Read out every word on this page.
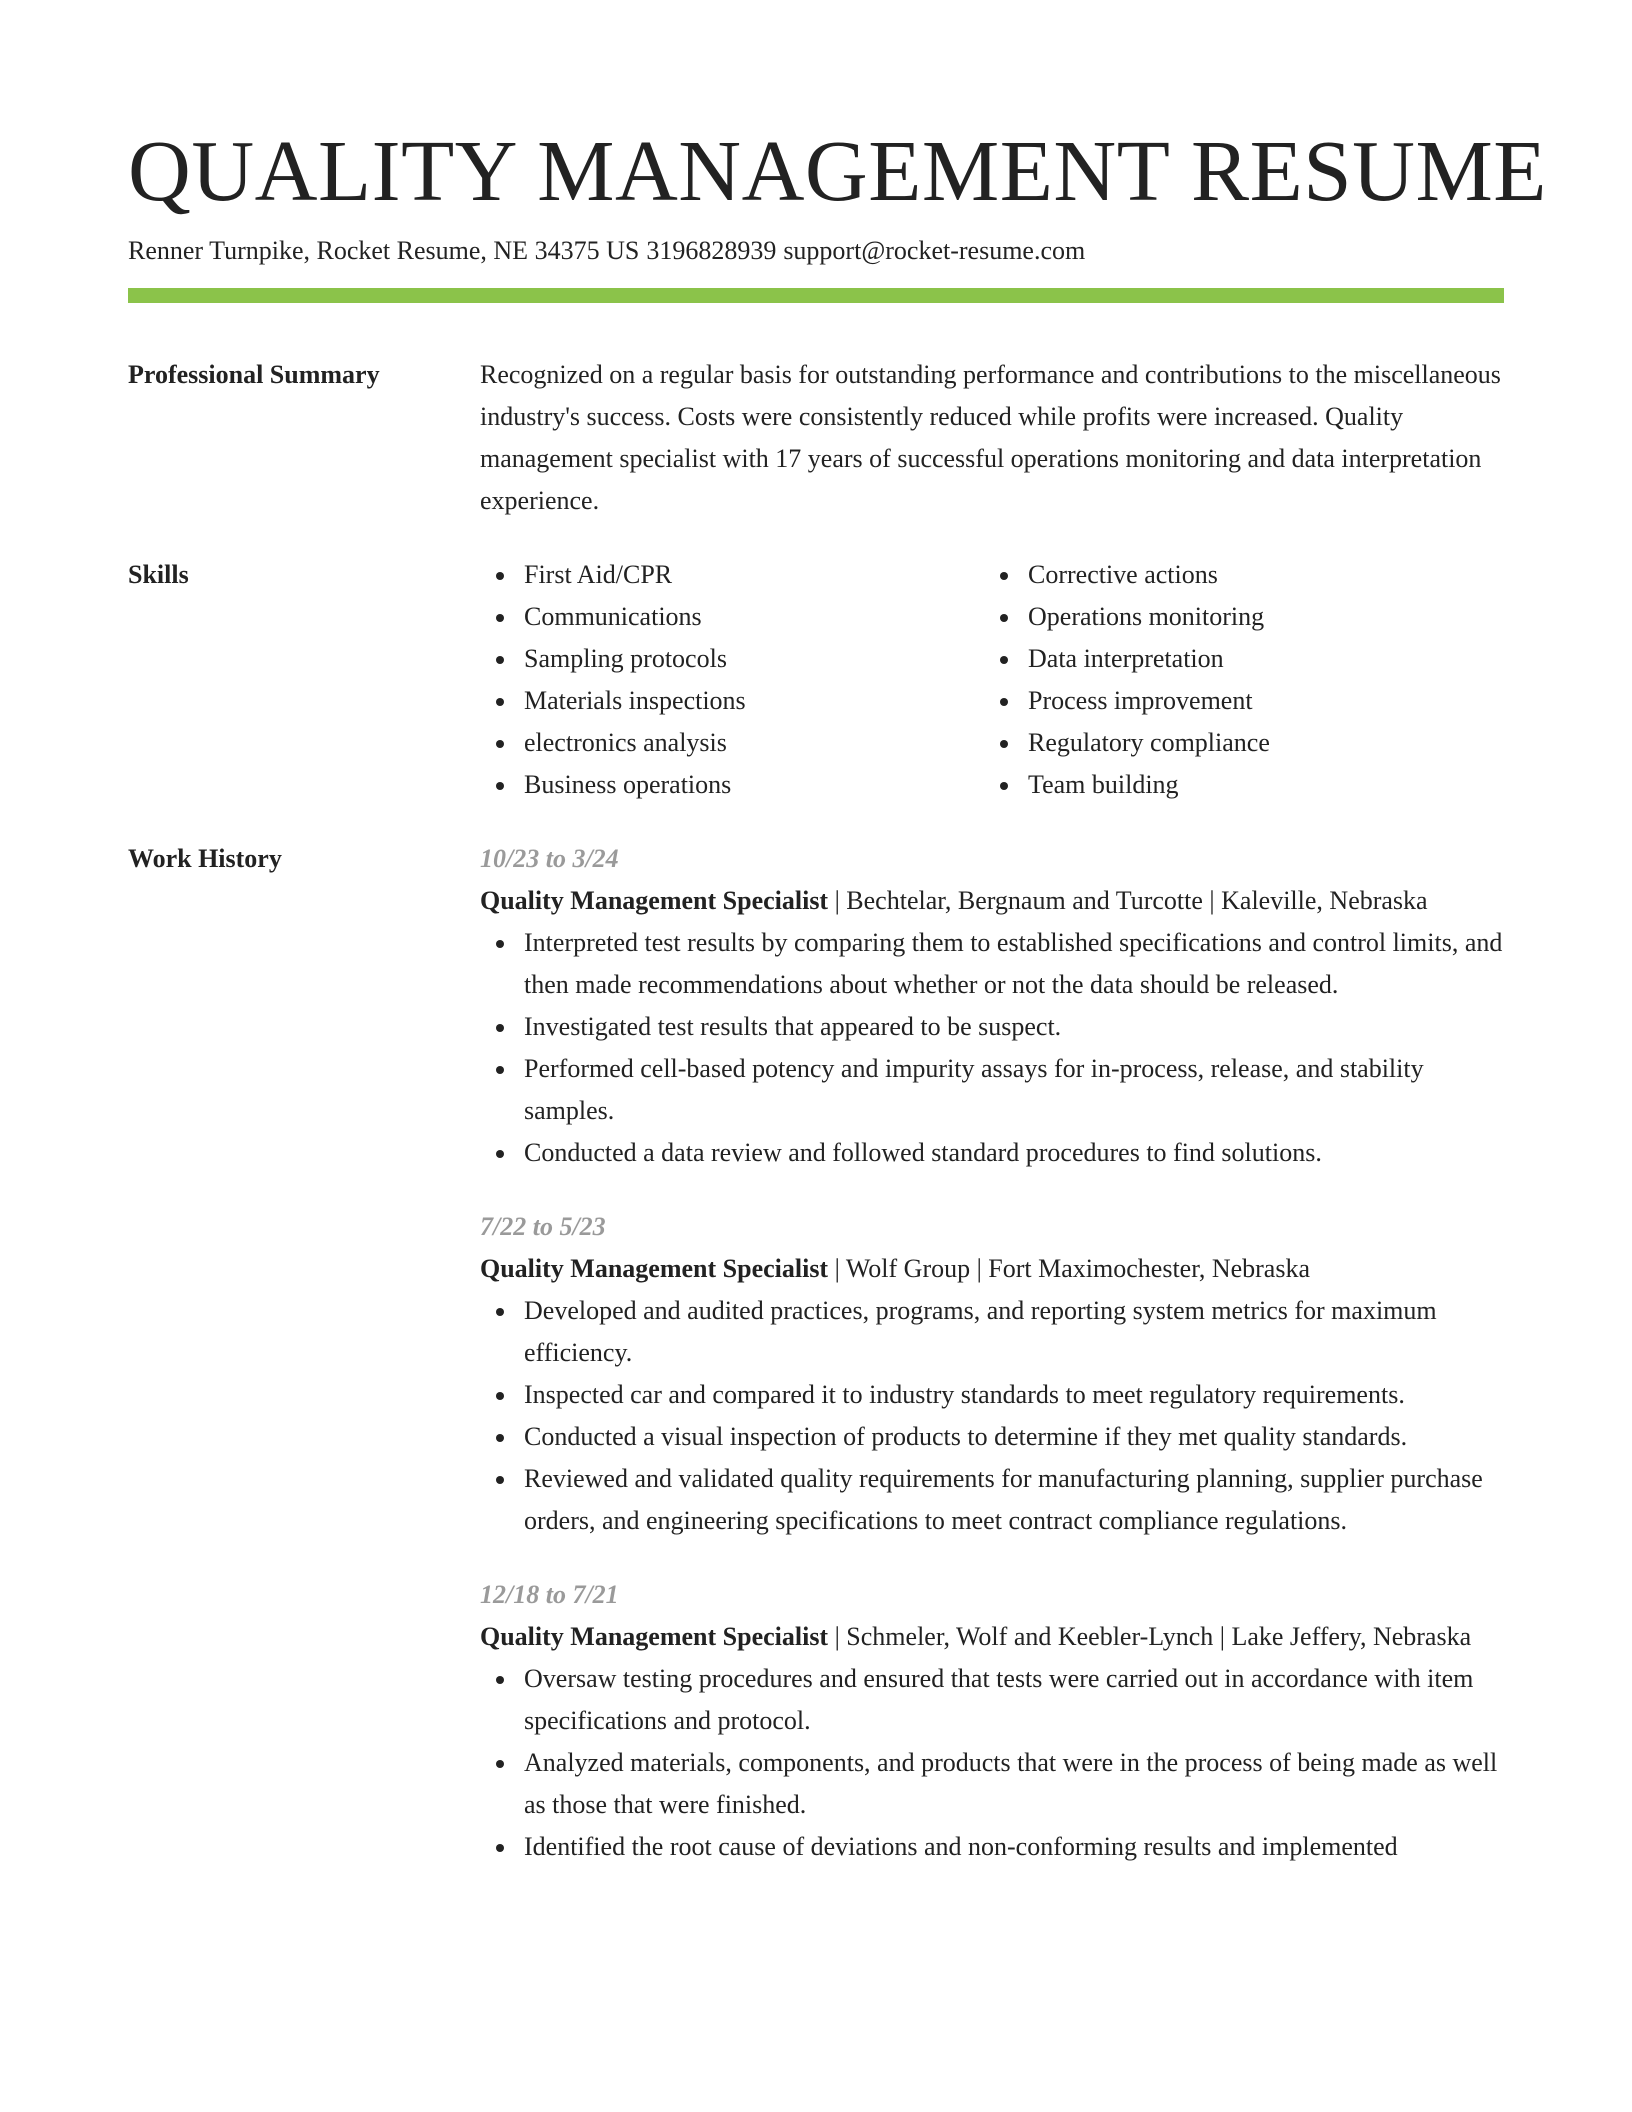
QUALITY MANAGEMENT RESUME
Renner Turnpike, Rocket Resume, NE 34375 US 3196828939 support@rocket-resume.com
Professional Summary	Recognized on a regular basis for outstanding performance and contributions to the miscellaneous industry's success. Costs were consistently reduced while profits were increased. Quality management specialist with 17 years of successful operations monitoring and data interpretation experience.

Skills	First Aid/CPR
Communications
Sampling protocols
Materials inspections
electronics analysis
Business operations
Corrective actions
Operations monitoring
Data interpretation
Process improvement
Regulatory compliance
Team building
Work History	10/23 to 3/24
Quality Management Specialist | Bechtelar, Bergnaum and Turcotte | Kaleville, Nebraska
Interpreted test results by comparing them to established specifications and control limits, and then made recommendations about whether or not the data should be released.
Investigated test results that appeared to be suspect.
Performed cell-based potency and impurity assays for in-process, release, and stability samples.
Conducted a data review and followed standard procedures to find solutions.
7/22 to 5/23
Quality Management Specialist | Wolf Group | Fort Maximochester, Nebraska
Developed and audited practices, programs, and reporting system metrics for maximum efficiency.
Inspected car and compared it to industry standards to meet regulatory requirements.
Conducted a visual inspection of products to determine if they met quality standards.
Reviewed and validated quality requirements for manufacturing planning, supplier purchase orders, and engineering specifications to meet contract compliance regulations.
12/18 to 7/21
Quality Management Specialist | Schmeler, Wolf and Keebler-Lynch | Lake Jeffery, Nebraska
Oversaw testing procedures and ensured that tests were carried out in accordance with item specifications and protocol.
Analyzed materials, components, and products that were in the process of being made as well as those that were finished.
Identified the root cause of deviations and non-conforming results and implemented
